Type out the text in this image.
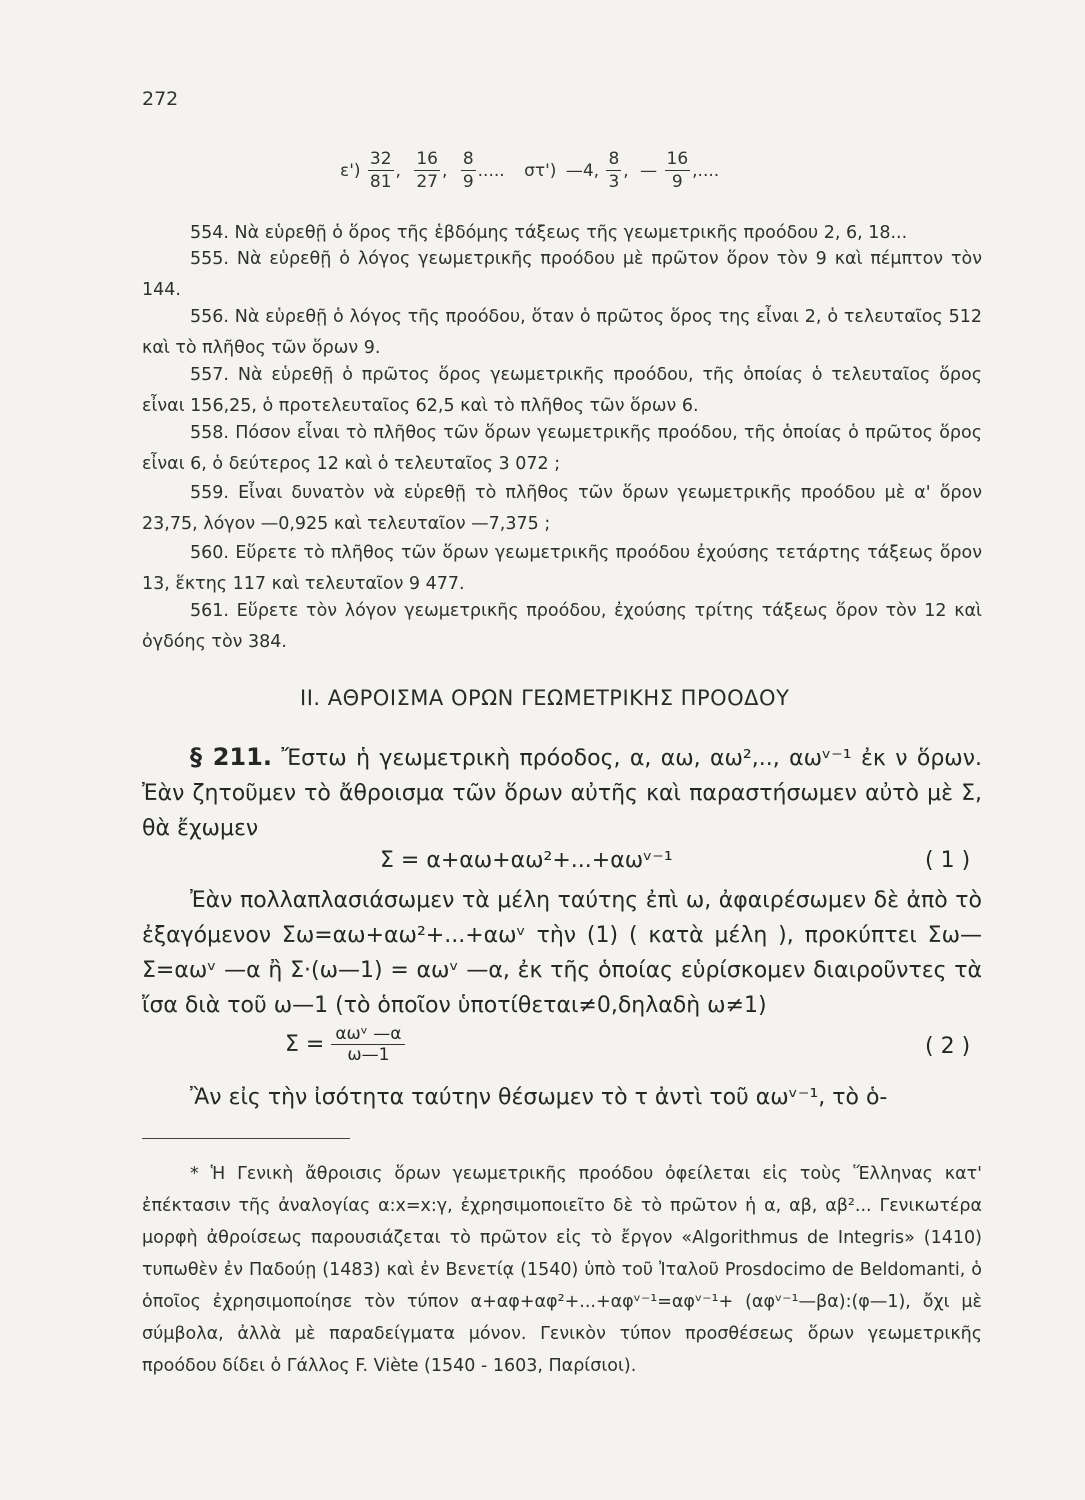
272
$\varepsilon') \frac{32}{81}$ , $\frac{16}{27}$ , $\frac{8}{9}$ ..... στ') —4, $\frac{8}{3}$ , — $\frac{16}{9}$ ,....
554. Νὰ εὑρεθῇ ὁ ὅρος τῆς ἑβδόμης τάξεως τῆς γεωμετρικῆς προόδου 2, 6, 18...
555. Νὰ εὑρεθῇ ὁ λόγος γεωμετρικῆς προόδου μὲ πρῶτον ὅρον τὸν 9 καὶ πέμπτον τὸν 144.
556. Νὰ εὑρεθῇ ὁ λόγος τῆς προόδου, ὅταν ὁ πρῶτος ὅρος της εἶναι 2, ὁ τελευταῖος 512 καὶ τὸ πλῆθος τῶν ὅρων 9.
557. Νὰ εὑρεθῇ ὁ πρῶτος ὅρος γεωμετρικῆς προόδου, τῆς ὁποίας ὁ τελευταῖος ὅρος εἶναι 156,25, ὁ προτελευταῖος 62,5 καὶ τὸ πλῆθος τῶν ὅρων 6.
558. Πόσον εἶναι τὸ πλῆθος τῶν ὅρων γεωμετρικῆς προόδου, τῆς ὁποίας ὁ πρῶτος ὅρος εἶναι 6, ὁ δεύτερος 12 καὶ ὁ τελευταῖος 3 072 ;
559. Εἶναι δυνατὸν νὰ εὑρεθῇ τὸ πλῆθος τῶν ὅρων γεωμετρικῆς προόδου μὲ α' ὅρον 23,75, λόγον —0,925 καὶ τελευταῖον —7,375 ;
560. Εὕρετε τὸ πλῆθος τῶν ὅρων γεωμετρικῆς προόδου ἐχούσης τετάρτης τάξεως ὅρον 13, ἕκτης 117 καὶ τελευταῖον 9 477.
561. Εὕρετε τὸν λόγον γεωμετρικῆς προόδου, ἐχούσης τρίτης τάξεως ὅρον τὸν 12 καὶ ὀγδόης τὸν 384.
ΙΙ. ΑΘΡΟΙΣΜΑ ΟΡΩΝ ΓΕΩΜΕΤΡΙΚΗΣ ΠΡΟΟΔΟΥ
§ 211. Ἔστω ἡ γεωμετρικὴ πρόοδος, α, αω, αω²,.., αωᵛ⁻¹ ἐκ ν ὅρων. Ἐὰν ζητοῦμεν τὸ ἄθροισμα τῶν ὅρων αὐτῆς καὶ παραστήσωμεν αὐτὸ μὲ Σ, θὰ ἔχωμεν
Σ = α+αω+αω²+...+αωᵛ⁻¹	( 1 )
Ἐὰν πολλαπλασιάσωμεν τὰ μέλη ταύτης ἐπὶ ω, ἀφαιρέσωμεν δὲ ἀπὸ τὸ ἐξαγόμενον Σω=αω+αω²+...+αωᵛ τὴν (1) ( κατὰ μέλη ), προκύπτει Σω—Σ=αωᵛ —α ἢ Σ·(ω—1) = αωᵛ —α, ἐκ τῆς ὁποίας εὑρίσκομεν διαιροῦντες τὰ ἴσα διὰ τοῦ ω—1 (τὸ ὁποῖον ὑποτίθεται≠0,δηλαδὴ ω≠1)
Σ = αωᵛ —α
ω—1	( 2 )
Ἂν εἰς τὴν ἰσότητα ταύτην θέσωμεν τὸ τ ἀντὶ τοῦ αωᵛ⁻¹, τὸ ὁ-
* Ἡ Γενικὴ ἄθροισις ὅρων γεωμετρικῆς προόδου ὀφείλεται εἰς τοὺς Ἕλληνας κατ' ἐπέκτασιν τῆς ἀναλογίας α:x=x:γ, ἐχρησιμοποιεῖτο δὲ τὸ πρῶτον ἡ α, αβ, αβ²... Γενικωτέρα μορφὴ ἀθροίσεως παρουσιάζεται τὸ πρῶτον εἰς τὸ ἔργον «Algorithmus de Integris» (1410) τυπωθὲν ἐν Παδούῃ (1483) καὶ ἐν Βενετίᾳ (1540) ὑπὸ τοῦ Ἰταλοῦ Prosdocimo de Beldomanti, ὁ ὁποῖος ἐχρησιμοποίησε τὸν τύπον α+αφ+αφ²+...+αφᵛ⁻¹=αφᵛ⁻¹+ (αφᵛ⁻¹—βα):(φ—1), ὄχι μὲ σύμβολα, ἀλλὰ μὲ παραδείγματα μόνον. Γενικὸν τύπον προσθέσεως ὅρων γεωμετρικῆς προόδου δίδει ὁ Γάλλος F. Viète (1540 - 1603, Παρίσιοι).
